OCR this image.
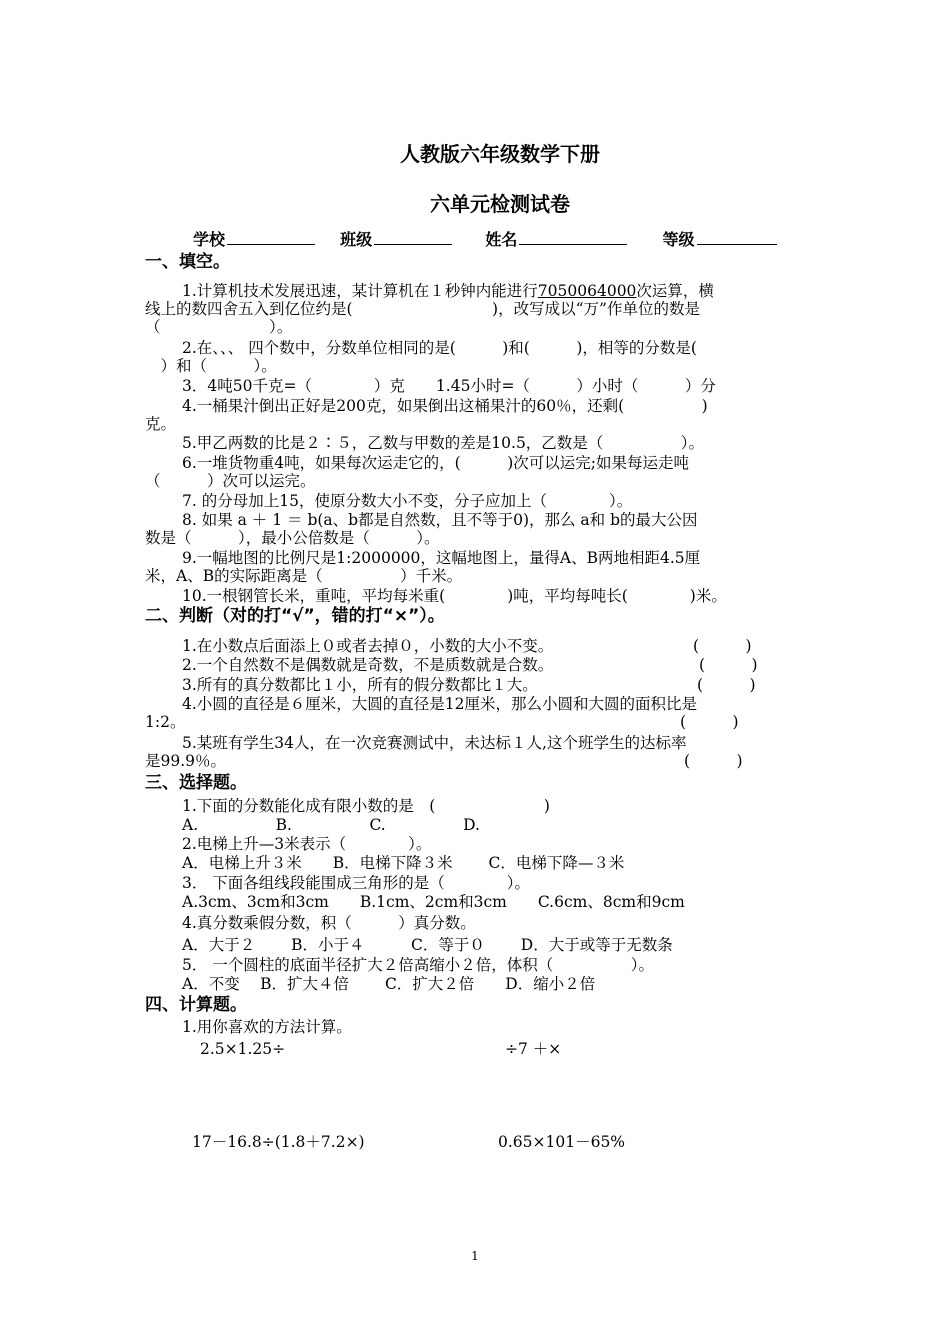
人教版六年级数学下册
六单元检测试卷
学校	班级	姓名	等级
一、填空。
1.计算机技术发展迅速，某计算机在１秒钟内能进行7050064000次运算，横
线上的数四舍五入到亿位约是(　　　　　　　　　)，改写成以“万”作单位的数是
（　　　　　　　）。
2.在、、、 四个数中，分数单位相同的是(　　　)和(　　　)，相等的分数是(
　）和（　　　）。
3．4吨50千克=（　　　　）克　　1.45小时=（　　　）小时（　　　）分
4.一桶果汁倒出正好是200克，如果倒出这桶果汁的60％，还剩(　　　　　)
克。
5.甲乙两数的比是２∶５，乙数与甲数的差是10.5，乙数是（　　　　　）。
6.一堆货物重4吨，如果每次运走它的，(　　　)次可以运完;如果每运走吨
（　　　）次可以运完。
7. 的分母加上15，使原分数大小不变，分子应加上（　　　　）。
8. 如果 a ＋ 1 ＝ b(a、b都是自然数，且不等于0)，那么 a和 b的最大公因
数是（　　　），最小公倍数是（　　　）。
9.一幅地图的比例尺是1:2000000，这幅地图上，量得A、B两地相距4.5厘
米，A、B的实际距离是（　　　　　）千米。
10.一根钢管长米，重吨，平均每米重(　　　　)吨，平均每吨长(　　　　)米。
二、判断（对的打“√”，错的打“×”）。
1.在小数点后面添上０或者去掉０，小数的大小不变。	(　　　)
2.一个自然数不是偶数就是奇数，不是质数就是合数。	(　　　)
3.所有的真分数都比１小，所有的假分数都比１大。	(　　　)
4.小圆的直径是６厘米，大圆的直径是12厘米，那么小圆和大圆的面积比是
1:2。	(　　　)
5.某班有学生34人，在一次竞赛测试中，未达标１人,这个班学生的达标率
是99.9％。	(　　　)
三、选择题。
1.下面的分数能化成有限小数的是　(　　　　　　　)
A.　　　　　B.　　　　　C.　　　　　D.
2.电梯上升—3米表示（　　　　）。
A．电梯上升３米　　B．电梯下降３米　　 C．电梯下降—３米
3． 下面各组线段能围成三角形的是（　　　　）。
A.3cm、3cm和3cm　　B.1cm、2cm和3cm　　C.6cm、8cm和9cm
4.真分数乘假分数，积（　　　）真分数。
A．大于２　　 B．小于４　　　C．等于０　　 D．大于或等于无数条
5． 一个圆柱的底面半径扩大２倍高缩小２倍，体积（　　　　　）。
A．不变　 B．扩大４倍　　 C．扩大２倍　　D．缩小２倍
四、计算题。
1.用你喜欢的方法计算。
2.5×1.25÷	÷7 ＋×
17－16.8÷(1.8＋7.2×)	0.65×101－65%
1
